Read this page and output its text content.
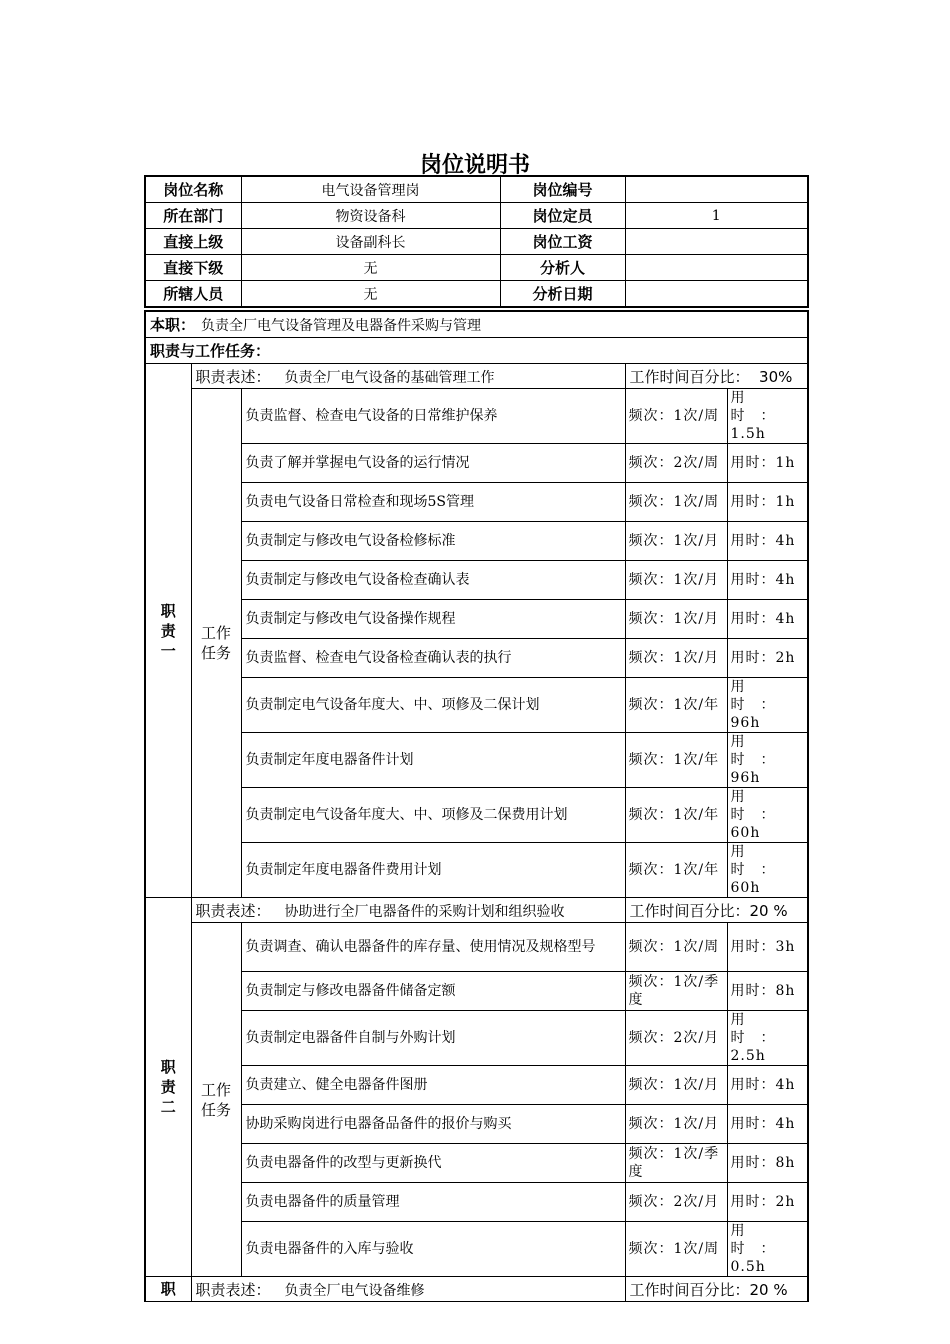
岗位说明书
岗位名称	电气设备管理岗	岗位编号	
所在部门	物资设备科	岗位定员	1
直接上级	设备副科长	岗位工资	
直接下级	无	分析人	
所辖人员	无	分析日期	
本职： 负责全厂电气设备管理及电器备件采购与管理				
职责与工作任务：				
职责一	职责表述： 负责全厂电气设备的基础管理工作		工作时间百分比：  30%	
	工作任务	负责监督、检查电气设备的日常维护保养	频次：1次/周	用　时　：1.5h
		负责了解并掌握电气设备的运行情况	频次：2次/周	用时：1h
		负责电气设备日常检查和现场5S管理	频次：1次/周	用时：1h
		负责制定与修改电气设备检修标准	频次：1次/月	用时：4h
		负责制定与修改电气设备检查确认表	频次：1次/月	用时：4h
		负责制定与修改电气设备操作规程	频次：1次/月	用时：4h
		负责监督、检查电气设备检查确认表的执行	频次：1次/月	用时：2h
		负责制定电气设备年度大、中、项修及二保计划	频次：1次/年	用　时　：96h
		负责制定年度电器备件计划	频次：1次/年	用　时　：96h
		负责制定电气设备年度大、中、项修及二保费用计划	频次：1次/年	用　时　：60h
		负责制定年度电器备件费用计划	频次：1次/年	用　时　：60h
职责二	职责表述： 协助进行全厂电器备件的采购计划和组织验收		工作时间百分比：20 %	
	工作任务	负责调查、确认电器备件的库存量、使用情况及规格型号	频次：1次/周	用时：3h
		负责制定与修改电器备件储备定额	频次：1次/季度	用时：8h
		负责制定电器备件自制与外购计划	频次：2次/月	用　时　：2.5h
		负责建立、健全电器备件图册	频次：1次/月	用时：4h
		协助采购岗进行电器备品备件的报价与购买	频次：1次/月	用时：4h
		负责电器备件的改型与更新换代	频次：1次/季度	用时：8h
		负责电器备件的质量管理	频次：2次/月	用时：2h
		负责电器备件的入库与验收	频次：1次/周	用　时　：0.5h
职	职责表述： 负责全厂电气设备维修		工作时间百分比：20 %	
